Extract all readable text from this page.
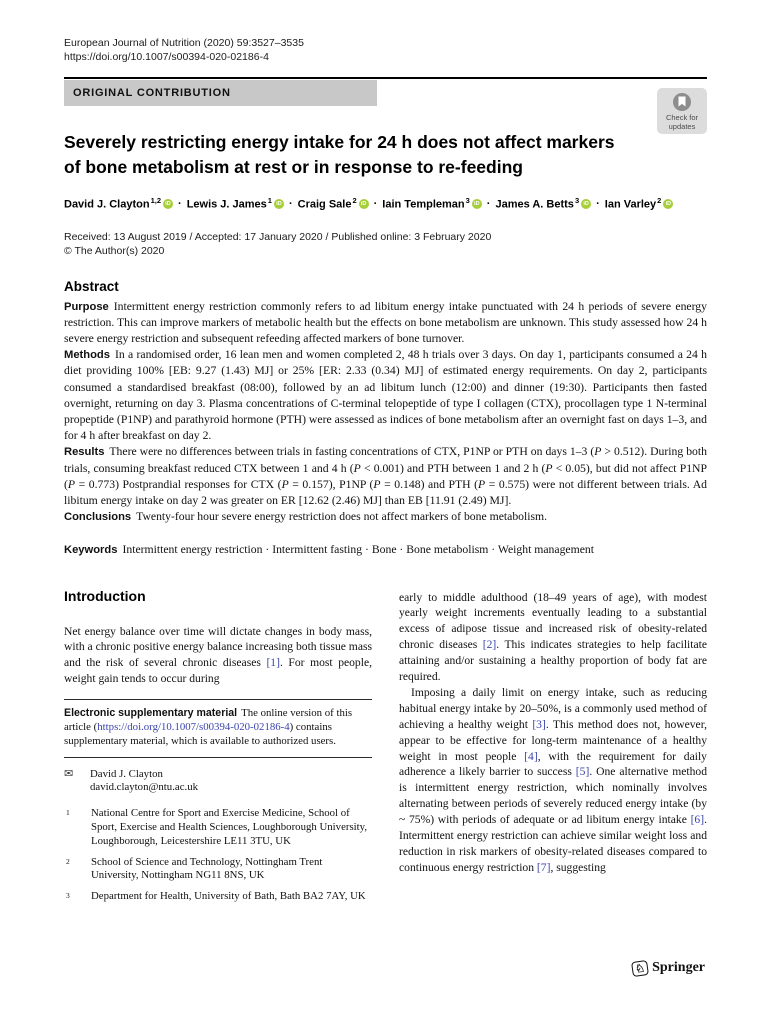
European Journal of Nutrition (2020) 59:3527–3535
https://doi.org/10.1007/s00394-020-02186-4
ORIGINAL CONTRIBUTION
Check for
updates
Severely restricting energy intake for 24 h does not affect markers
of bone metabolism at rest or in response to re-feeding
David J. Clayton$^{1,2}$ iD · Lewis J. James$^1$ iD · Craig Sale$^2$ iD · Iain Templeman$^3$ iD · James A. Betts$^3$ iD · Ian Varley$^2$ iD
Received: 13 August 2019 / Accepted: 17 January 2020 / Published online: 3 February 2020
© The Author(s) 2020
Abstract
Purpose Intermittent energy restriction commonly refers to ad libitum energy intake punctuated with 24 h periods of severe energy restriction. This can improve markers of metabolic health but the effects on bone metabolism are unknown. This study assessed how 24 h severe energy restriction and subsequent refeeding affected markers of bone turnover.
Methods In a randomised order, 16 lean men and women completed 2, 48 h trials over 3 days. On day 1, participants consumed a 24 h diet providing 100% [EB: 9.27 (1.43) MJ] or 25% [ER: 2.33 (0.34) MJ] of estimated energy requirements. On day 2, participants consumed a standardised breakfast (08:00), followed by an ad libitum lunch (12:00) and dinner (19:30). Participants then fasted overnight, returning on day 3. Plasma concentrations of C-terminal telopeptide of type I collagen (CTX), procollagen type 1 N-terminal propeptide (P1NP) and parathyroid hormone (PTH) were assessed as indices of bone metabolism after an overnight fast on days 1–3, and for 4 h after breakfast on day 2.
Results There were no differences between trials in fasting concentrations of CTX, P1NP or PTH on days 1–3 (P > 0.512). During both trials, consuming breakfast reduced CTX between 1 and 4 h (P < 0.001) and PTH between 1 and 2 h (P < 0.05), but did not affect P1NP (P = 0.773) Postprandial responses for CTX (P = 0.157), P1NP (P = 0.148) and PTH (P = 0.575) were not different between trials. Ad libitum energy intake on day 2 was greater on ER [12.62 (2.46) MJ] than EB [11.91 (2.49) MJ].
Conclusions Twenty-four hour severe energy restriction does not affect markers of bone metabolism.
Keywords Intermittent energy restriction · Intermittent fasting · Bone · Bone metabolism · Weight management
Introduction
Net energy balance over time will dictate changes in body mass, with a chronic positive energy balance increasing both tissue mass and the risk of several chronic diseases [1]. For most people, weight gain tends to occur during
Electronic supplementary material The online version of this article (https://doi.org/10.1007/s00394-020-02186-4) contains supplementary material, which is available to authorized users.
✉	David J. Clayton
david.clayton@ntu.ac.uk
1 National Centre for Sport and Exercise Medicine, School of Sport, Exercise and Health Sciences, Loughborough University, Loughborough, Leicestershire LE11 3TU, UK
2 School of Science and Technology, Nottingham Trent University, Nottingham NG11 8NS, UK
3 Department for Health, University of Bath, Bath BA2 7AY, UK
early to middle adulthood (18–49 years of age), with modest yearly weight increments eventually leading to a substantial excess of adipose tissue and increased risk of obesity-related chronic diseases [2]. This indicates strategies to help facilitate attaining and/or sustaining a healthy proportion of body fat are required.
Imposing a daily limit on energy intake, such as reducing habitual energy intake by 20–50%, is a commonly used method of achieving a healthy weight [3]. This method does not, however, appear to be effective for long-term maintenance of a healthy weight in most people [4], with the requirement for daily adherence a likely barrier to success [5]. One alternative method is intermittent energy restriction, which nominally involves alternating between periods of severely reduced energy intake (by ~ 75%) with periods of adequate or ad libitum energy intake [6]. Intermittent energy restriction can achieve similar weight loss and reduction in risk markers of obesity-related diseases compared to continuous energy restriction [7], suggesting
♘ Springer
